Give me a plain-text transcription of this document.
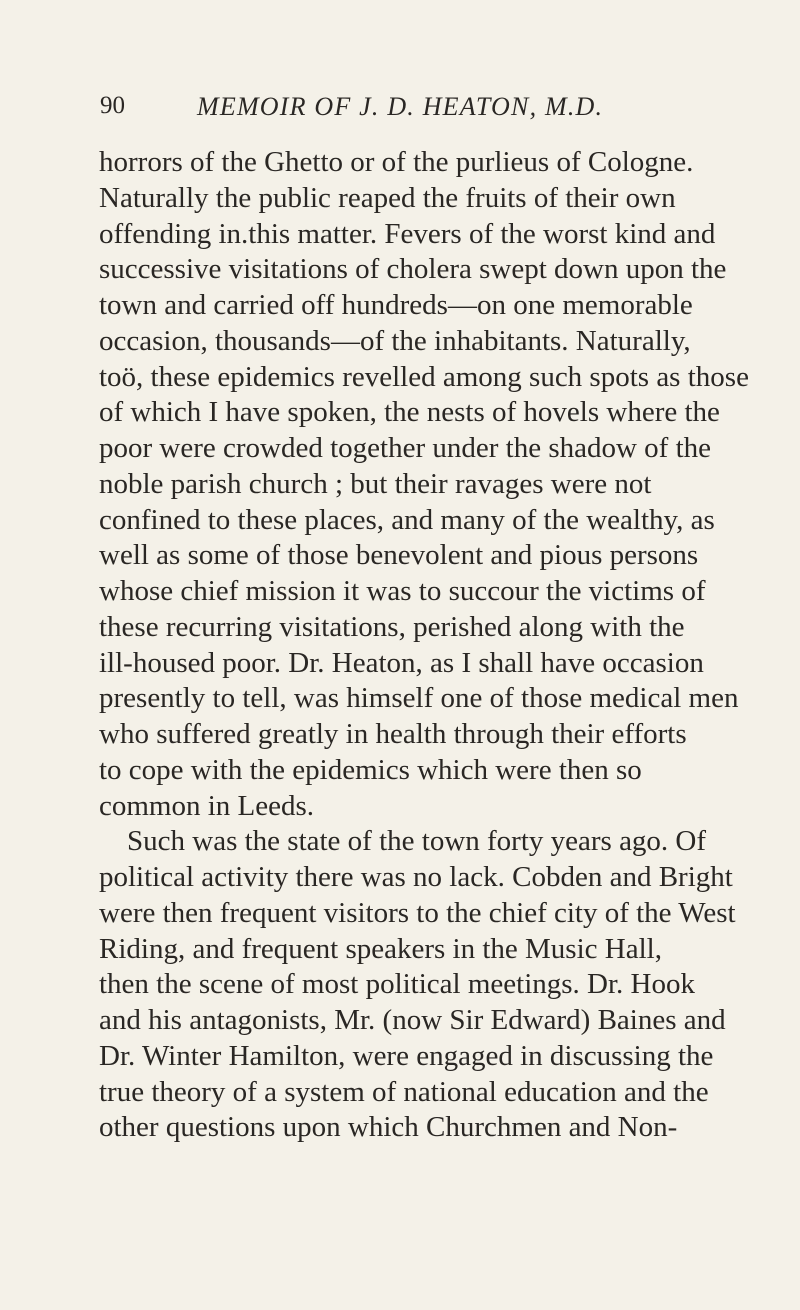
90	MEMOIR OF J. D. HEATON, M.D.
horrors of the Ghetto or of the purlieus of Cologne.
Naturally the public reaped the fruits of their own
offending in.this matter. Fevers of the worst kind and
successive visitations of cholera swept down upon the
town and carried off hundreds—on one memorable
occasion, thousands—of the inhabitants. Naturally,
toö, these epidemics revelled among such spots as those
of which I have spoken, the nests of hovels where the
poor were crowded together under the shadow of the
noble parish church ; but their ravages were not
confined to these places, and many of the wealthy, as
well as some of those benevolent and pious persons
whose chief mission it was to succour the victims of
these recurring visitations, perished along with the
ill-housed poor. Dr. Heaton, as I shall have occasion
presently to tell, was himself one of those medical men
who suffered greatly in health through their efforts
to cope with the epidemics which were then so
common in Leeds.
Such was the state of the town forty years ago. Of
political activity there was no lack. Cobden and Bright
were then frequent visitors to the chief city of the West
Riding, and frequent speakers in the Music Hall,
then the scene of most political meetings. Dr. Hook
and his antagonists, Mr. (now Sir Edward) Baines and
Dr. Winter Hamilton, were engaged in discussing the
true theory of a system of national education and the
other questions upon which Churchmen and Non-
